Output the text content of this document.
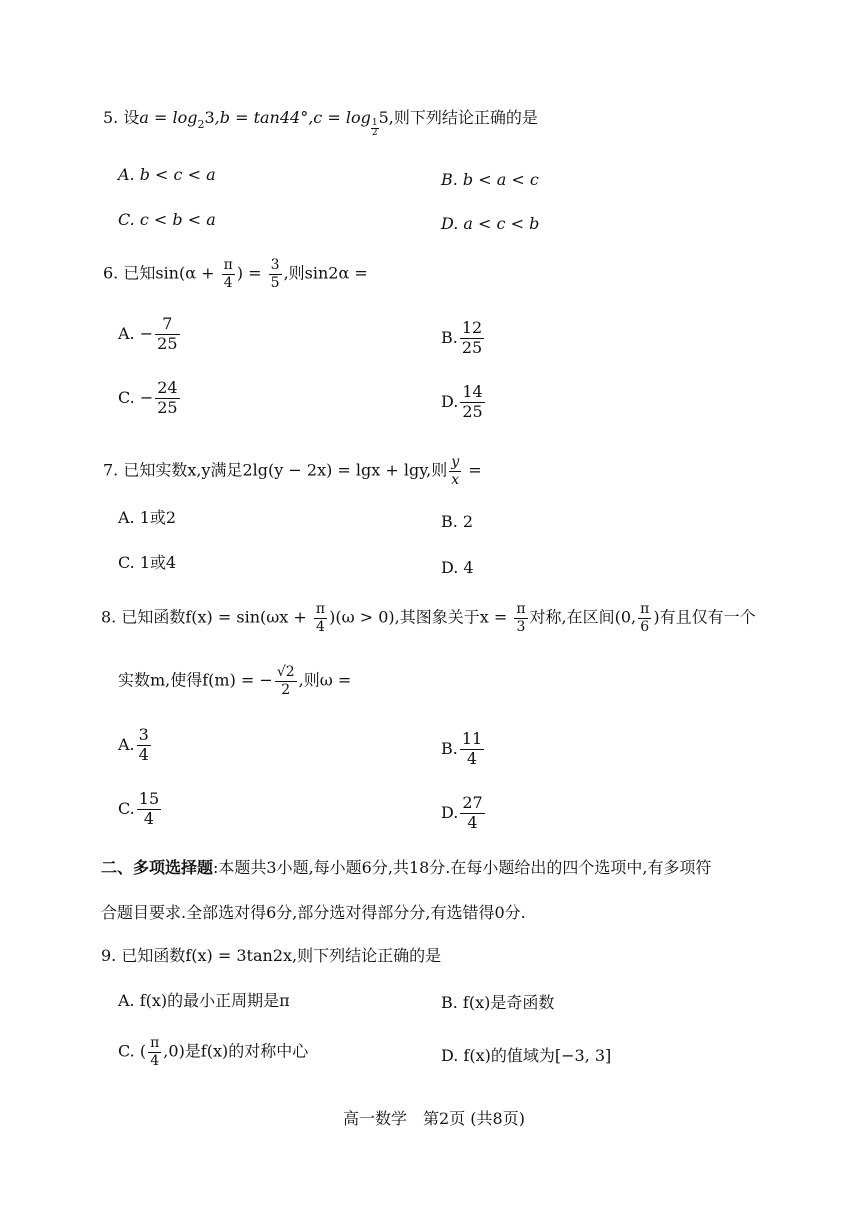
5. 设$a = \log_23,b = \tan 44^\circ,c = \log$
$\frac{1}{2}$
5,则下列结论正确的是
A. b < c < a	B. b < a < c
C. c < b < a	D. a < c < b
6. 已知$\sin(\alpha + \frac{\pi}{4}$ ) = $\frac{3}{5}$ ,则sin2α =
A. − $\frac{7}{25}$	B. $\frac{12}{25}$
C. − $\frac{24}{25}$	D. $\frac{14}{25}$
7. 已知实数x,y满足2lg(y − 2x) = lgx + lgy,则 $\frac{y}{x}$ =
A. 1或2	B. 2
C. 1或4	D. 4
8. 已知函数$f(x) = \sin(\omega x + \frac{\pi}{4} )(\omega > 0)$,其图象关于$x = \frac{\pi}{3}$ 对称,在区间(0, $\frac{\pi}{6}$ )有且仅有一个
实数m,使得f(m) = − $\frac{√2}{2}$ ,则ω =
A. $\frac{3}{4}$	B. $\frac{11}{4}$
C. $\frac{15}{4}$	D. $\frac{27}{4}$
二、多项选择题:本题共3小题,每小题6分,共18分.在每小题给出的四个选项中,有多项符
合题目要求.全部选对得6分,部分选对得部分分,有选错得0分.
9. 已知函数f(x) = 3tan2x,则下列结论正确的是
A. f(x)的最小正周期是π	B. f(x)是奇函数
C. ( $\frac{\pi}{4} ,0$)是f(x)的对称中心	D. f(x)的值域为[−3, 3]
高一数学　第2页 (共8页)
